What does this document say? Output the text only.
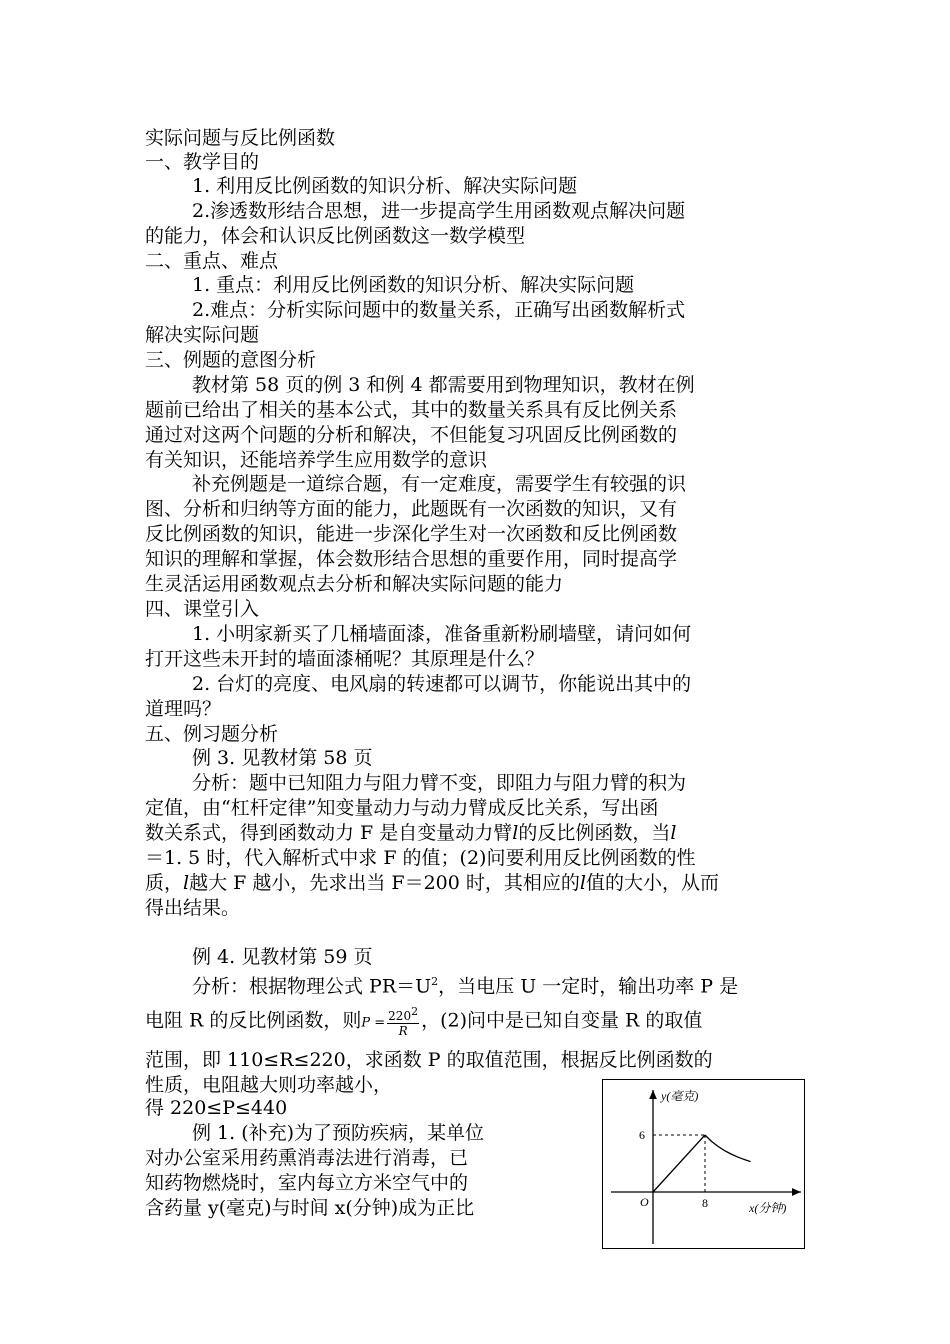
实际问题与反比例函数
一、教学目的
1. 利用反比例函数的知识分析、解决实际问题
2.渗透数形结合思想，进一步提高学生用函数观点解决问题
的能力，体会和认识反比例函数这一数学模型
二、重点、难点
1. 重点：利用反比例函数的知识分析、解决实际问题
2.难点：分析实际问题中的数量关系，正确写出函数解析式
解决实际问题
三、例题的意图分析
教材第 58 页的例 3 和例 4 都需要用到物理知识，教材在例
题前已给出了相关的基本公式，其中的数量关系具有反比例关系
通过对这两个问题的分析和解决，不但能复习巩固反比例函数的
有关知识，还能培养学生应用数学的意识
补充例题是一道综合题，有一定难度，需要学生有较强的识
图、分析和归纳等方面的能力，此题既有一次函数的知识，又有
反比例函数的知识，能进一步深化学生对一次函数和反比例函数
知识的理解和掌握，体会数形结合思想的重要作用，同时提高学
生灵活运用函数观点去分析和解决实际问题的能力
四、课堂引入
1. 小明家新买了几桶墙面漆，准备重新粉刷墙壁，请问如何
打开这些未开封的墙面漆桶呢？其原理是什么？
2. 台灯的亮度、电风扇的转速都可以调节，你能说出其中的
道理吗？
五、例习题分析
例 3. 见教材第 58 页
分析：题中已知阻力与阻力臂不变，即阻力与阻力臂的积为
定值，由“杠杆定律”知变量动力与动力臂成反比关系，写出函
数关系式，得到函数动力 F 是自变量动力臂l的反比例函数，当l
＝1. 5 时，代入解析式中求 F 的值；(2)问要利用反比例函数的性
质，l越大 F 越小，先求出当 F＝200 时，其相应的l值的大小，从而
得出结果。
例 4. 见教材第 59 页
分析：根据物理公式 $PR=U^2$，当电压 U 一定时，输出功率 P 是
电阻 R 的反比例函数，则$P = \frac{220^2}{R}$ ，(2)问中是已知自变量 R 的取值
范围，即 110≤R≤220，求函数 P 的取值范围，根据反比例函数的
性质，电阻越大则功率越小，
得 220≤P≤440
例 1. (补充)为了预防疾病，某单位
对办公室采用药熏消毒法进行消毒，已
知药物燃烧时，室内每立方米空气中的
含药量 y(毫克)与时间 x(分钟)成为正比
y(毫克)
x(分钟)
O	8
6
